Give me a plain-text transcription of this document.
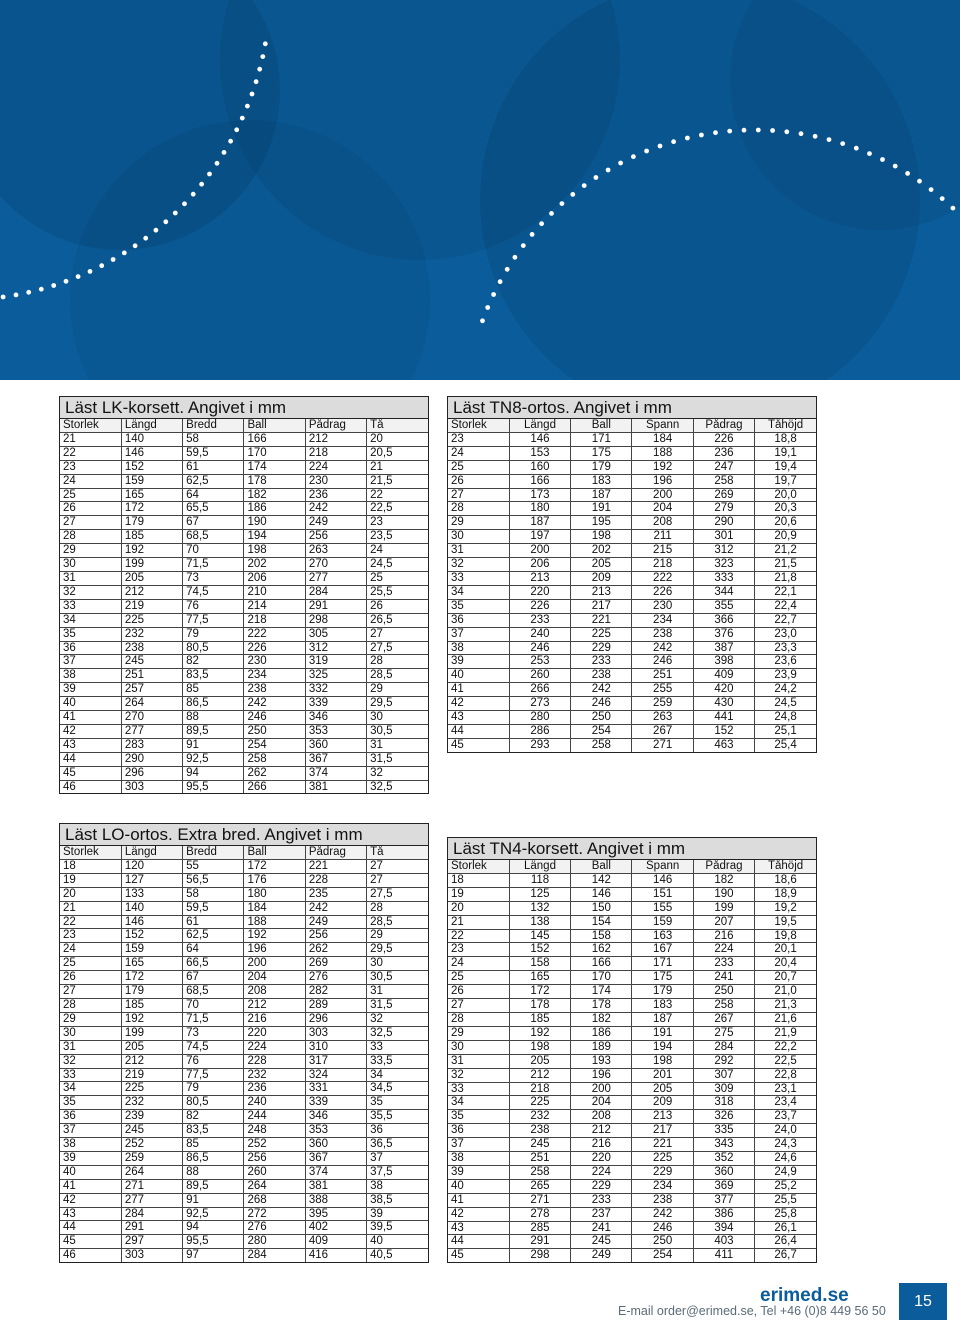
Läst LK-korsett. Angivet i mm
Storlek	Längd	Bredd	Ball	Pådrag	Tå
21	140	58	166	212	20
22	146	59,5	170	218	20,5
23	152	61	174	224	21
24	159	62,5	178	230	21,5
25	165	64	182	236	22
26	172	65,5	186	242	22,5
27	179	67	190	249	23
28	185	68,5	194	256	23,5
29	192	70	198	263	24
30	199	71,5	202	270	24,5
31	205	73	206	277	25
32	212	74,5	210	284	25,5
33	219	76	214	291	26
34	225	77,5	218	298	26,5
35	232	79	222	305	27
36	238	80,5	226	312	27,5
37	245	82	230	319	28
38	251	83,5	234	325	28,5
39	257	85	238	332	29
40	264	86,5	242	339	29,5
41	270	88	246	346	30
42	277	89,5	250	353	30,5
43	283	91	254	360	31
44	290	92,5	258	367	31,5
45	296	94	262	374	32
46	303	95,5	266	381	32,5
Läst TN8-ortos. Angivet i mm
Storlek	Längd	Ball	Spann	Pådrag	Tåhöjd
23	146	171	184	226	18,8
24	153	175	188	236	19,1
25	160	179	192	247	19,4
26	166	183	196	258	19,7
27	173	187	200	269	20,0
28	180	191	204	279	20,3
29	187	195	208	290	20,6
30	197	198	211	301	20,9
31	200	202	215	312	21,2
32	206	205	218	323	21,5
33	213	209	222	333	21,8
34	220	213	226	344	22,1
35	226	217	230	355	22,4
36	233	221	234	366	22,7
37	240	225	238	376	23,0
38	246	229	242	387	23,3
39	253	233	246	398	23,6
40	260	238	251	409	23,9
41	266	242	255	420	24,2
42	273	246	259	430	24,5
43	280	250	263	441	24,8
44	286	254	267	152	25,1
45	293	258	271	463	25,4
Läst LO-ortos. Extra bred. Angivet i mm
Storlek	Längd	Bredd	Ball	Pådrag	Tå
18	120	55	172	221	27
19	127	56,5	176	228	27
20	133	58	180	235	27,5
21	140	59,5	184	242	28
22	146	61	188	249	28,5
23	152	62,5	192	256	29
24	159	64	196	262	29,5
25	165	66,5	200	269	30
26	172	67	204	276	30,5
27	179	68,5	208	282	31
28	185	70	212	289	31,5
29	192	71,5	216	296	32
30	199	73	220	303	32,5
31	205	74,5	224	310	33
32	212	76	228	317	33,5
33	219	77,5	232	324	34
34	225	79	236	331	34,5
35	232	80,5	240	339	35
36	239	82	244	346	35,5
37	245	83,5	248	353	36
38	252	85	252	360	36,5
39	259	86,5	256	367	37
40	264	88	260	374	37,5
41	271	89,5	264	381	38
42	277	91	268	388	38,5
43	284	92,5	272	395	39
44	291	94	276	402	39,5
45	297	95,5	280	409	40
46	303	97	284	416	40,5
Läst TN4-korsett. Angivet i mm
Storlek	Längd	Ball	Spann	Pådrag	Tåhöjd
18	118	142	146	182	18,6
19	125	146	151	190	18,9
20	132	150	155	199	19,2
21	138	154	159	207	19,5
22	145	158	163	216	19,8
23	152	162	167	224	20,1
24	158	166	171	233	20,4
25	165	170	175	241	20,7
26	172	174	179	250	21,0
27	178	178	183	258	21,3
28	185	182	187	267	21,6
29	192	186	191	275	21,9
30	198	189	194	284	22,2
31	205	193	198	292	22,5
32	212	196	201	307	22,8
33	218	200	205	309	23,1
34	225	204	209	318	23,4
35	232	208	213	326	23,7
36	238	212	217	335	24,0
37	245	216	221	343	24,3
38	251	220	225	352	24,6
39	258	224	229	360	24,9
40	265	229	234	369	25,2
41	271	233	238	377	25,5
42	278	237	242	386	25,8
43	285	241	246	394	26,1
44	291	245	250	403	26,4
45	298	249	254	411	26,7
erimed.se
E-mail order@erimed.se, Tel +46 (0)8 449 56 50
15
